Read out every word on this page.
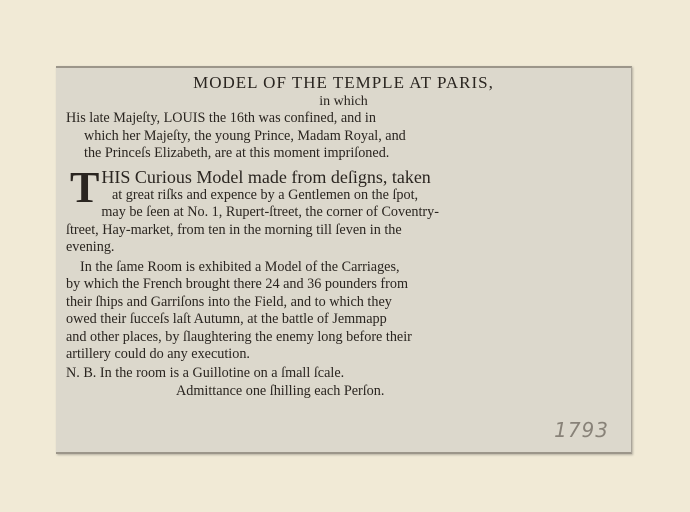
MODEL OF THE TEMPLE AT PARIS,

in which

His late Majeſty, LOUIS the 16th was confined, and in
which her Majeſty, the young Prince, Madam Royal, and
the Princeſs Elizabeth, are at this moment impriſoned.

T HIS Curious Model made from deſigns, taken
at great riſks and expence by a Gentlemen on the ſpot,
may be ſeen at No. 1, Rupert-ſtreet, the corner of Coventry-
ſtreet, Hay-market, from ten in the morning till ſeven in the
evening.
In the ſame Room is exhibited a Model of the Carriages,
by which the French brought there 24 and 36 pounders from
their ſhips and Garriſons into the Field, and to which they
owed their ſucceſs laſt Autumn, at the battle of Jemmapp
and other places, by ſlaughtering the enemy long before their
artillery could do any execution.

N. B. In the room is a Guillotine on a ſmall ſcale.

Admittance one ſhilling each Perſon.

1793
